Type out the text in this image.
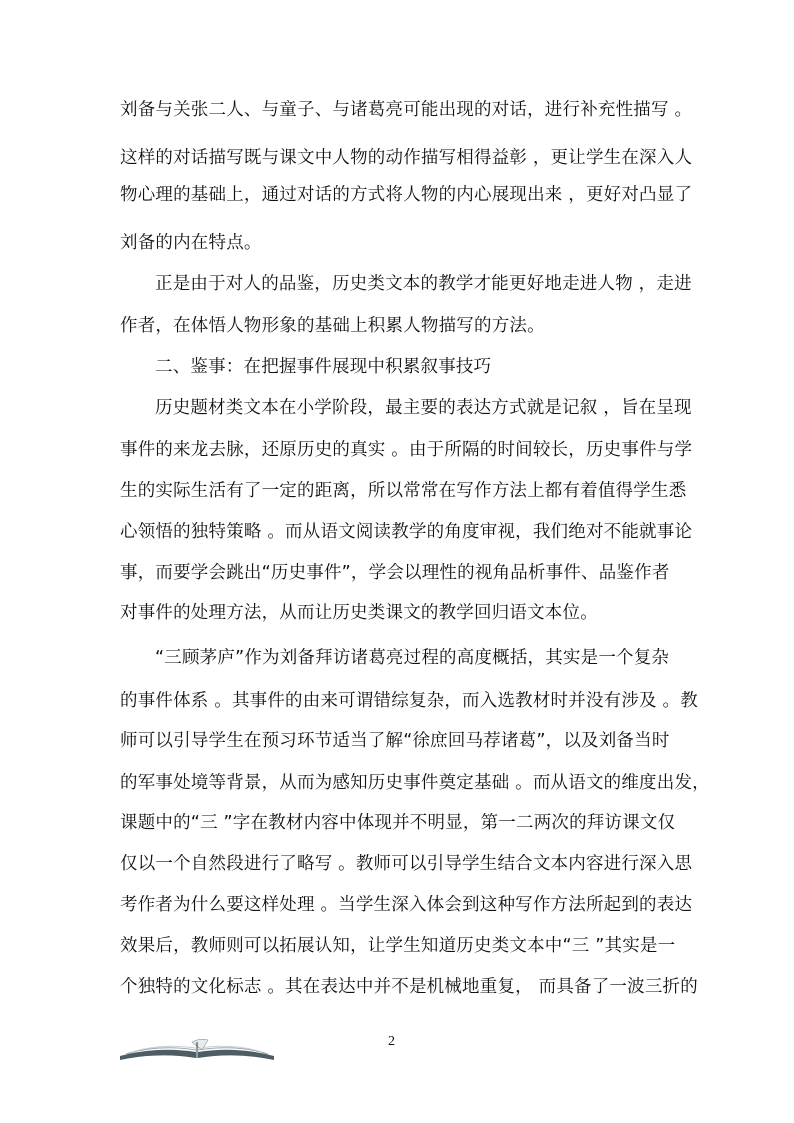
刘备与关张二人、与童子、与诸葛亮可能出现的对话，进行补充性描写 。
这样的对话描写既与课文中人物的动作描写相得益彰 ，更让学生在深入人
物心理的基础上，通过对话的方式将人物的内心展现出来 ，更好对凸显了
刘备的内在特点。
正是由于对人的品鉴，历史类文本的教学才能更好地走进人物 ，走进
作者，在体悟人物形象的基础上积累人物描写的方法。
二、鉴事：在把握事件展现中积累叙事技巧
历史题材类文本在小学阶段，最主要的表达方式就是记叙 ，旨在呈现
事件的来龙去脉，还原历史的真实 。由于所隔的时间较长，历史事件与学
生的实际生活有了一定的距离，所以常常在写作方法上都有着值得学生悉
心领悟的独特策略 。而从语文阅读教学的角度审视，我们绝对不能就事论
事，而要学会跳出“历史事件”，学会以理性的视角品析事件、品鉴作者
对事件的处理方法，从而让历史类课文的教学回归语文本位。
“三顾茅庐”作为刘备拜访诸葛亮过程的高度概括，其实是一个复杂
的事件体系 。其事件的由来可谓错综复杂，而入选教材时并没有涉及 。教
师可以引导学生在预习环节适当了解“徐庶回马荐诸葛”，以及刘备当时
的军事处境等背景，从而为感知历史事件奠定基础 。而从语文的维度出发，
课题中的“三 ”字在教材内容中体现并不明显，第一二两次的拜访课文仅
仅以一个自然段进行了略写 。教师可以引导学生结合文本内容进行深入思
考作者为什么要这样处理 。当学生深入体会到这种写作方法所起到的表达
效果后，教师则可以拓展认知，让学生知道历史类文本中“三 ”其实是一
个独特的文化标志 。其在表达中并不是机械地重复， 而具备了一波三折的
2
